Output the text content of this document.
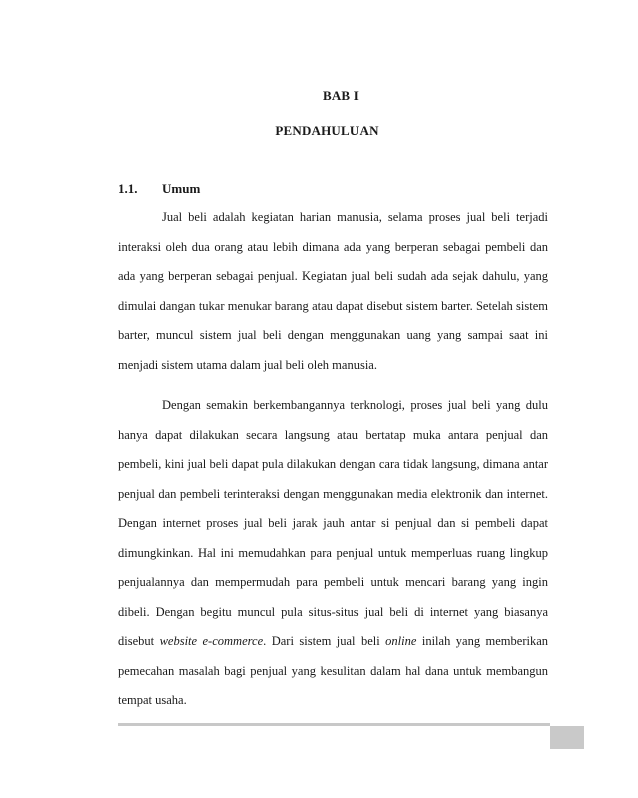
BAB I
PENDAHULUAN
1.1. Umum

Jual beli adalah kegiatan harian manusia, selama proses jual beli terjadi interaksi oleh dua orang atau lebih dimana ada yang berperan sebagai pembeli dan ada yang berperan sebagai penjual. Kegiatan jual beli sudah ada sejak dahulu, yang dimulai dangan tukar menukar barang atau dapat disebut sistem barter. Setelah sistem barter, muncul sistem jual beli dengan menggunakan uang yang sampai saat ini menjadi sistem utama dalam jual beli oleh manusia.

Dengan semakin berkembangannya terknologi, proses jual beli yang dulu hanya dapat dilakukan secara langsung atau bertatap muka antara penjual dan pembeli, kini jual beli dapat pula dilakukan dengan cara tidak langsung, dimana antar penjual dan pembeli terinteraksi dengan menggunakan media elektronik dan internet. Dengan internet proses jual beli jarak jauh antar si penjual dan si pembeli dapat dimungkinkan. Hal ini memudahkan para penjual untuk memperluas ruang lingkup penjualannya dan mempermudah para pembeli untuk mencari barang yang ingin dibeli. Dengan begitu muncul pula situs-situs jual beli di internet yang biasanya disebut website e-commerce. Dari sistem jual beli online inilah yang memberikan pemecahan masalah bagi penjual yang kesulitan dalam hal dana untuk membangun tempat usaha.
